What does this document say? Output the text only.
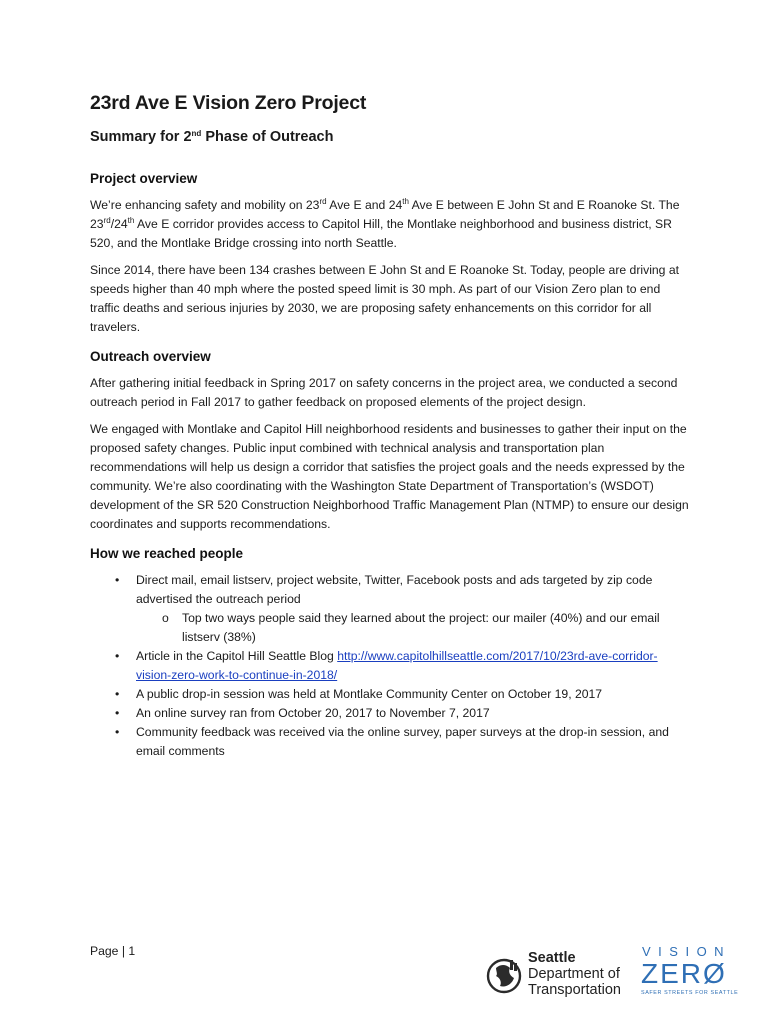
23rd Ave E Vision Zero Project
Summary for 2nd Phase of Outreach
Project overview

We’re enhancing safety and mobility on 23rd Ave E and 24th Ave E between E John St and E Roanoke St. The 23rd/24th Ave E corridor provides access to Capitol Hill, the Montlake neighborhood and business district, SR 520, and the Montlake Bridge crossing into north Seattle.

Since 2014, there have been 134 crashes between E John St and E Roanoke St. Today, people are driving at speeds higher than 40 mph where the posted speed limit is 30 mph. As part of our Vision Zero plan to end traffic deaths and serious injuries by 2030, we are proposing safety enhancements on this corridor for all travelers.

Outreach overview

After gathering initial feedback in Spring 2017 on safety concerns in the project area, we conducted a second outreach period in Fall 2017 to gather feedback on proposed elements of the project design.

We engaged with Montlake and Capitol Hill neighborhood residents and businesses to gather their input on the proposed safety changes. Public input combined with technical analysis and transportation plan recommendations will help us design a corridor that satisfies the project goals and the needs expressed by the community. We’re also coordinating with the Washington State Department of Transportation’s (WSDOT) development of the SR 520 Construction Neighborhood Traffic Management Plan (NTMP) to ensure our design coordinates and supports recommendations.

How we reached people
• Direct mail, email listserv, project website, Twitter, Facebook posts and ads targeted by zip code advertised the outreach period
o Top two ways people said they learned about the project: our mailer (40%) and our email listserv (38%)
• Article in the Capitol Hill Seattle Blog http://www.capitolhillseattle.com/2017/10/23rd-ave-corridor-vision-zero-work-to-continue-in-2018/
• A public drop-in session was held at Montlake Community Center on October 19, 2017
• An online survey ran from October 20, 2017 to November 7, 2017
• Community feedback was received via the online survey, paper surveys at the drop-in session, and email comments
Page | 1	Seattle
Department of
Transportation
VISION
ZERØ
SAFER STREETS FOR SEATTLE
